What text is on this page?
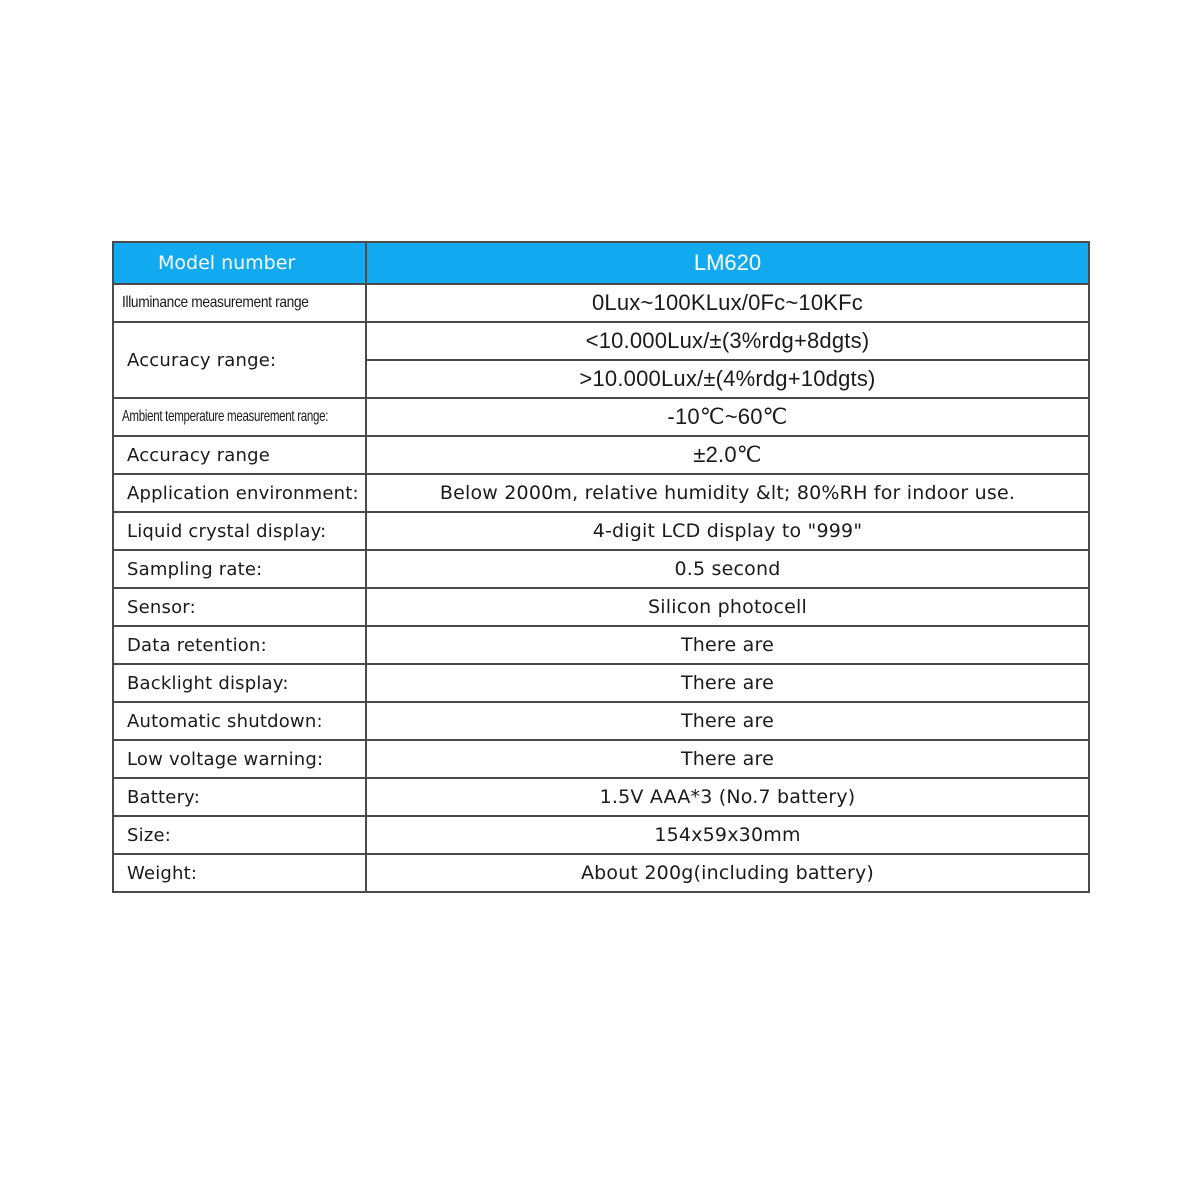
Model number	LM620
Illuminance measurement range	0Lux~100KLux/0Fc~10KFc
Accuracy range:	<10.000Lux/±(3%rdg+8dgts)
	>10.000Lux/±(4%rdg+10dgts)
Ambient temperature measurement range:	-10℃~60℃
Accuracy range	±2.0℃
Application environment:	Below 2000m, relative humidity &lt; 80%RH for indoor use.
Liquid crystal display:	4-digit LCD display to "999"
Sampling rate:	0.5 second
Sensor:	Silicon photocell
Data retention:	There are
Backlight display:	There are
Automatic shutdown:	There are
Low voltage warning:	There are
Battery:	1.5V AAA*3 (No.7 battery)
Size:	154x59x30mm
Weight:	About 200g(including battery)
